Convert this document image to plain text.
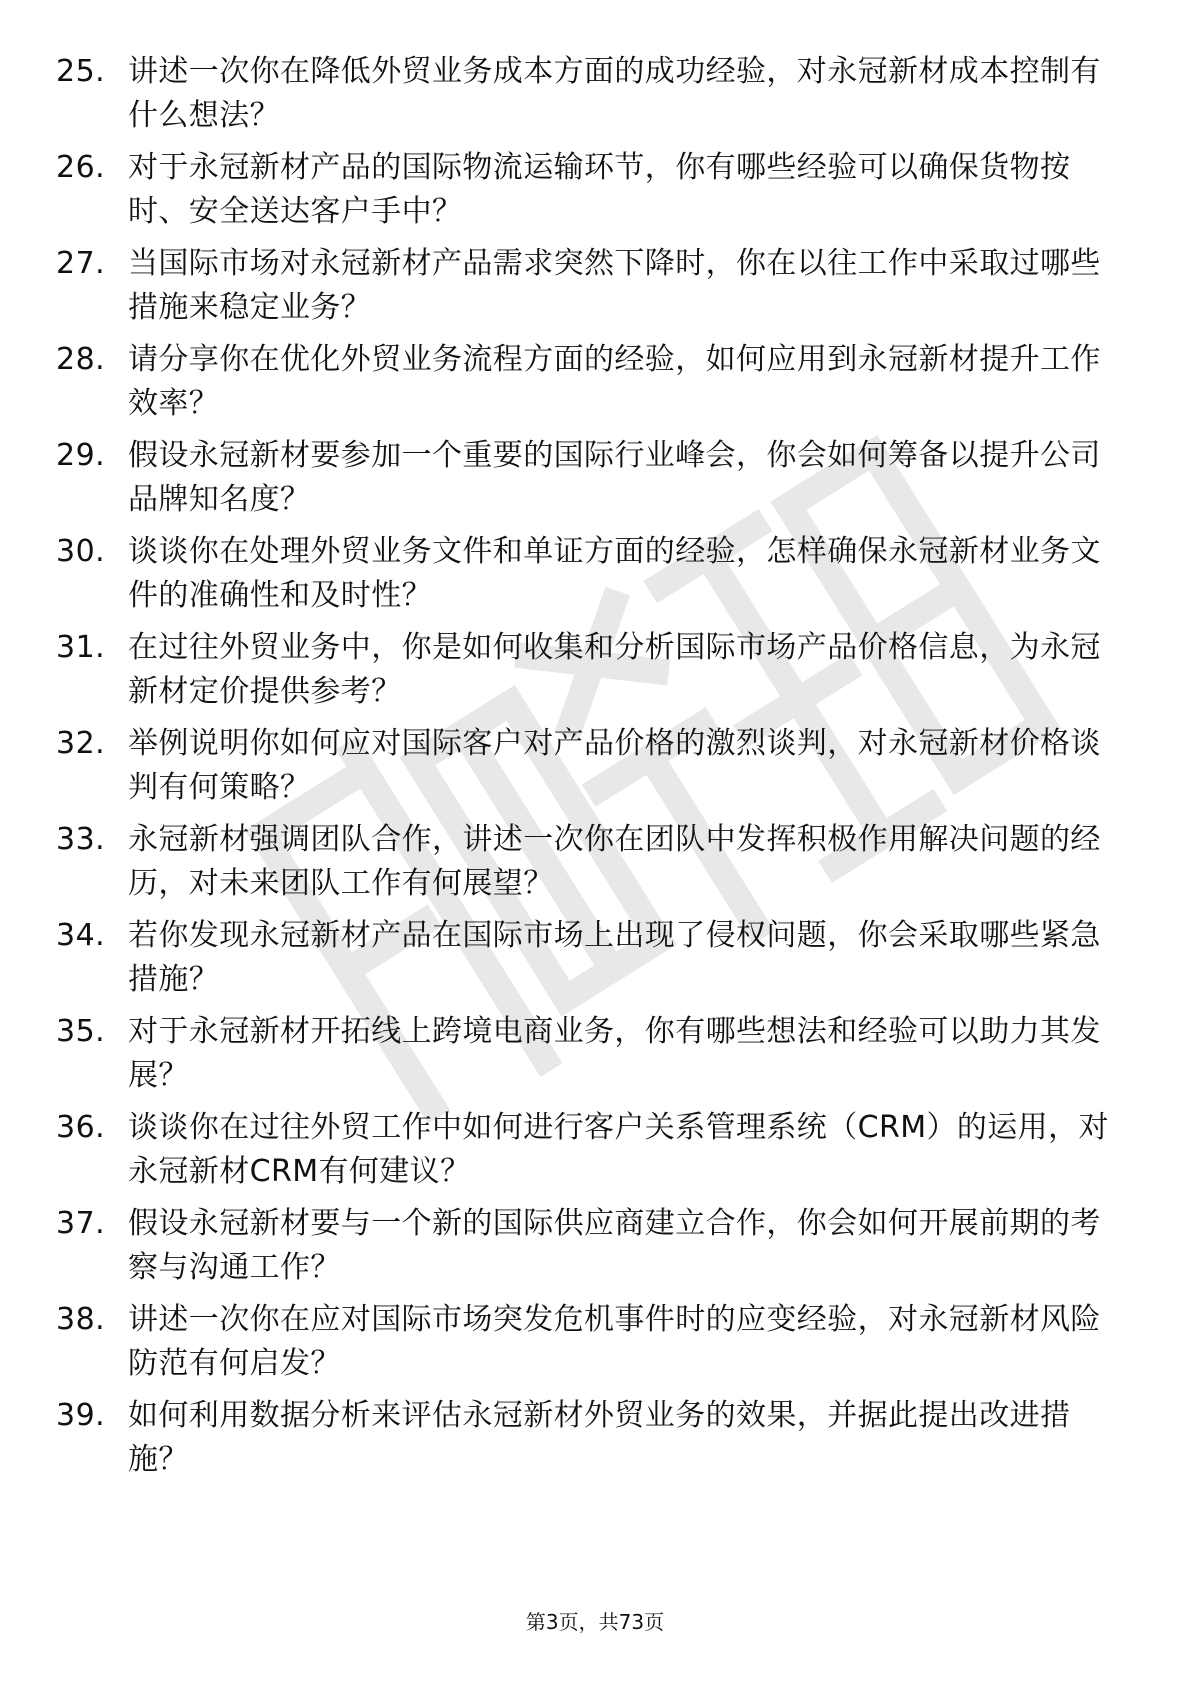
25. 讲述一次你在降低外贸业务成本方面的成功经验，对永冠新材成本控制有什么想法？
26. 对于永冠新材产品的国际物流运输环节，你有哪些经验可以确保货物按时、安全送达客户手中？
27. 当国际市场对永冠新材产品需求突然下降时，你在以往工作中采取过哪些措施来稳定业务？
28. 请分享你在优化外贸业务流程方面的经验，如何应用到永冠新材提升工作效率？
29. 假设永冠新材要参加一个重要的国际行业峰会，你会如何筹备以提升公司品牌知名度？
30. 谈谈你在处理外贸业务文件和单证方面的经验，怎样确保永冠新材业务文件的准确性和及时性？
31. 在过往外贸业务中，你是如何收集和分析国际市场产品价格信息，为永冠新材定价提供参考？
32. 举例说明你如何应对国际客户对产品价格的激烈谈判，对永冠新材价格谈判有何策略？
33. 永冠新材强调团队合作，讲述一次你在团队中发挥积极作用解决问题的经历，对未来团队工作有何展望？
34. 若你发现永冠新材产品在国际市场上出现了侵权问题，你会采取哪些紧急措施？
35. 对于永冠新材开拓线上跨境电商业务，你有哪些想法和经验可以助力其发展？
36. 谈谈你在过往外贸工作中如何进行客户关系管理系统（CRM）的运用，对永冠新材CRM有何建议？
37. 假设永冠新材要与一个新的国际供应商建立合作，你会如何开展前期的考察与沟通工作？
38. 讲述一次你在应对国际市场突发危机事件时的应变经验，对永冠新材风险防范有何启发？
39. 如何利用数据分析来评估永冠新材外贸业务的效果，并据此提出改进措施？
第3页，共73页
